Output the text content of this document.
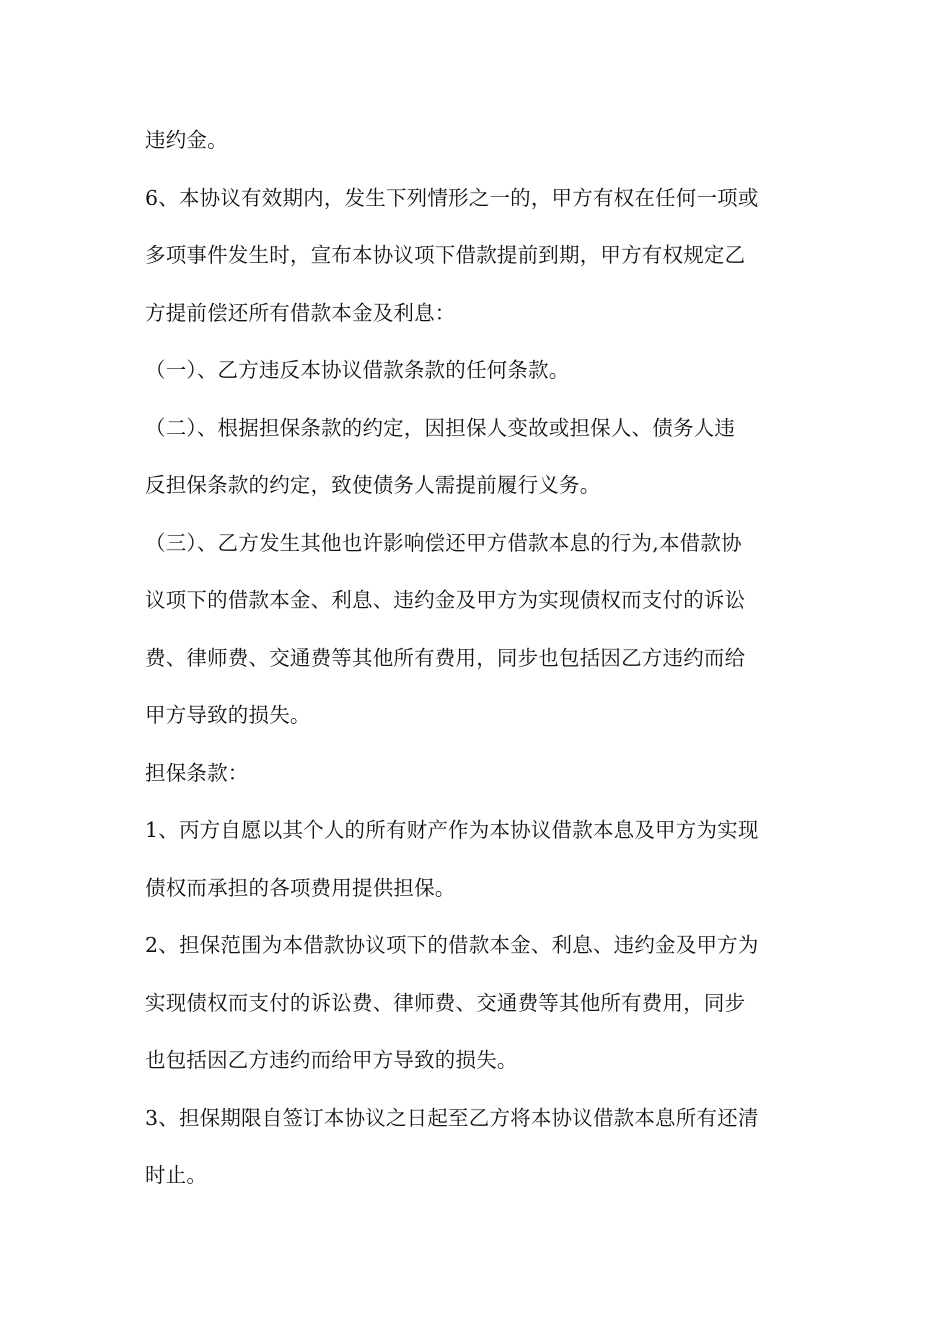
违约金。
6、本协议有效期内，发生下列情形之一的，甲方有权在任何一项或
多项事件发生时，宣布本协议项下借款提前到期，甲方有权规定乙
方提前偿还所有借款本金及利息：
（一）、乙方违反本协议借款条款的任何条款。
（二）、根据担保条款的约定，因担保人变故或担保人、债务人违
反担保条款的约定，致使债务人需提前履行义务。
（三）、乙方发生其他也许影响偿还甲方借款本息的行为,本借款协
议项下的借款本金、利息、违约金及甲方为实现债权而支付的诉讼
费、律师费、交通费等其他所有费用，同步也包括因乙方违约而给
甲方导致的损失。
担保条款：
1、丙方自愿以其个人的所有财产作为本协议借款本息及甲方为实现
债权而承担的各项费用提供担保。
2、担保范围为本借款协议项下的借款本金、利息、违约金及甲方为
实现债权而支付的诉讼费、律师费、交通费等其他所有费用，同步
也包括因乙方违约而给甲方导致的损失。
3、担保期限自签订本协议之日起至乙方将本协议借款本息所有还清
时止。
